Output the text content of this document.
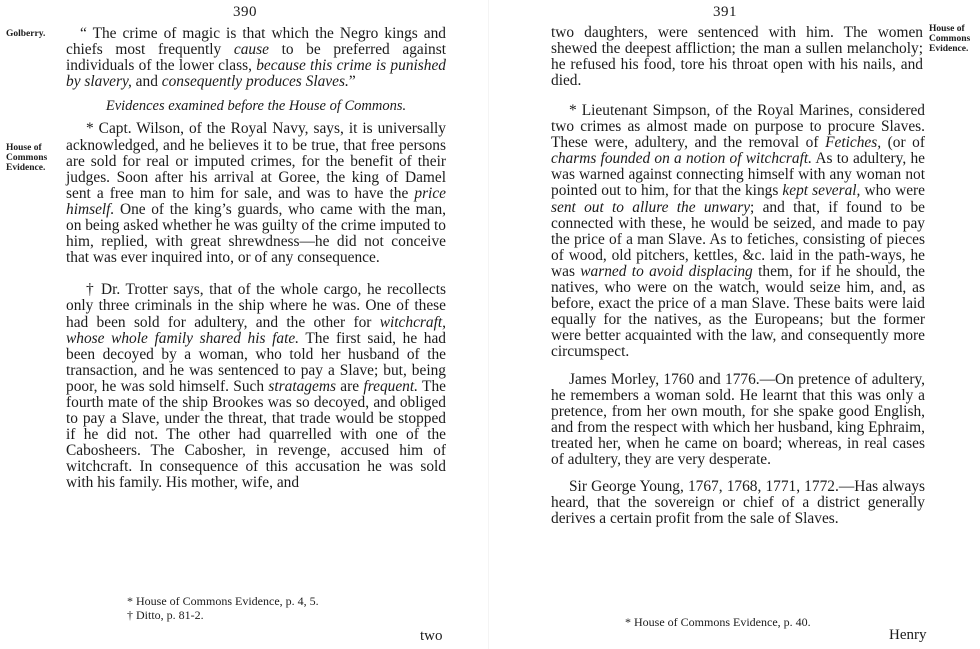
390
Golberry.
House of
Commons
Evidence.

“ The crime of magic is that which the Negro kings and chiefs most frequently cause to be preferred against individuals of the lower class, because this crime is punished by slavery, and consequently produces Slaves.”

Evidences examined before the House of Commons.

* Capt. Wilson, of the Royal Navy, says, it is universally acknowledged, and he believes it to be true, that free persons are sold for real or imputed crimes, for the benefit of their judges. Soon after his arrival at Goree, the king of Damel sent a free man to him for sale, and was to have the price himself. One of the king’s guards, who came with the man, on being asked whether he was guilty of the crime imputed to him, replied, with great shrewdness—he did not conceive that was ever inquired into, or of any consequence.

† Dr. Trotter says, that of the whole cargo, he recollects only three criminals in the ship where he was. One of these had been sold for adultery, and the other for witchcraft, whose whole family shared his fate. The first said, he had been decoyed by a woman, who told her husband of the transaction, and he was sentenced to pay a Slave; but, being poor, he was sold himself. Such stratagems are frequent. The fourth mate of the ship Brookes was so decoyed, and obliged to pay a Slave, under the threat, that trade would be stopped if he did not. The other had quarrelled with one of the Cabosheers. The Cabosher, in revenge, accused him of witchcraft. In consequence of this accusation he was sold with his family. His mother, wife, and

* House of Commons Evidence, p. 4, 5.
† Ditto, p. 81-2.
two
391
House of
Commons
Evidence.

two daughters, were sentenced with him. The women shewed the deepest affliction; the man a sullen melancholy; he refused his food, tore his throat open with his nails, and died.

* Lieutenant Simpson, of the Royal Marines, considered two crimes as almost made on purpose to procure Slaves. These were, adultery, and the removal of Fetiches, (or of charms founded on a notion of witchcraft. As to adultery, he was warned against connecting himself with any woman not pointed out to him, for that the kings kept several, who were sent out to allure the unwary; and that, if found to be connected with these, he would be seized, and made to pay the price of a man Slave. As to fetiches, consisting of pieces of wood, old pitchers, kettles, &c. laid in the path-ways, he was warned to avoid displacing them, for if he should, the natives, who were on the watch, would seize him, and, as before, exact the price of a man Slave. These baits were laid equally for the natives, as the Europeans; but the former were better acquainted with the law, and consequently more circumspect.

James Morley, 1760 and 1776.—On pretence of adultery, he remembers a woman sold. He learnt that this was only a pretence, from her own mouth, for she spake good English, and from the respect with which her husband, king Ephraim, treated her, when he came on board; whereas, in real cases of adultery, they are very desperate.

Sir George Young, 1767, 1768, 1771, 1772.—Has always heard, that the sovereign or chief of a district generally derives a certain profit from the sale of Slaves.

* House of Commons Evidence, p. 40.
Henry
